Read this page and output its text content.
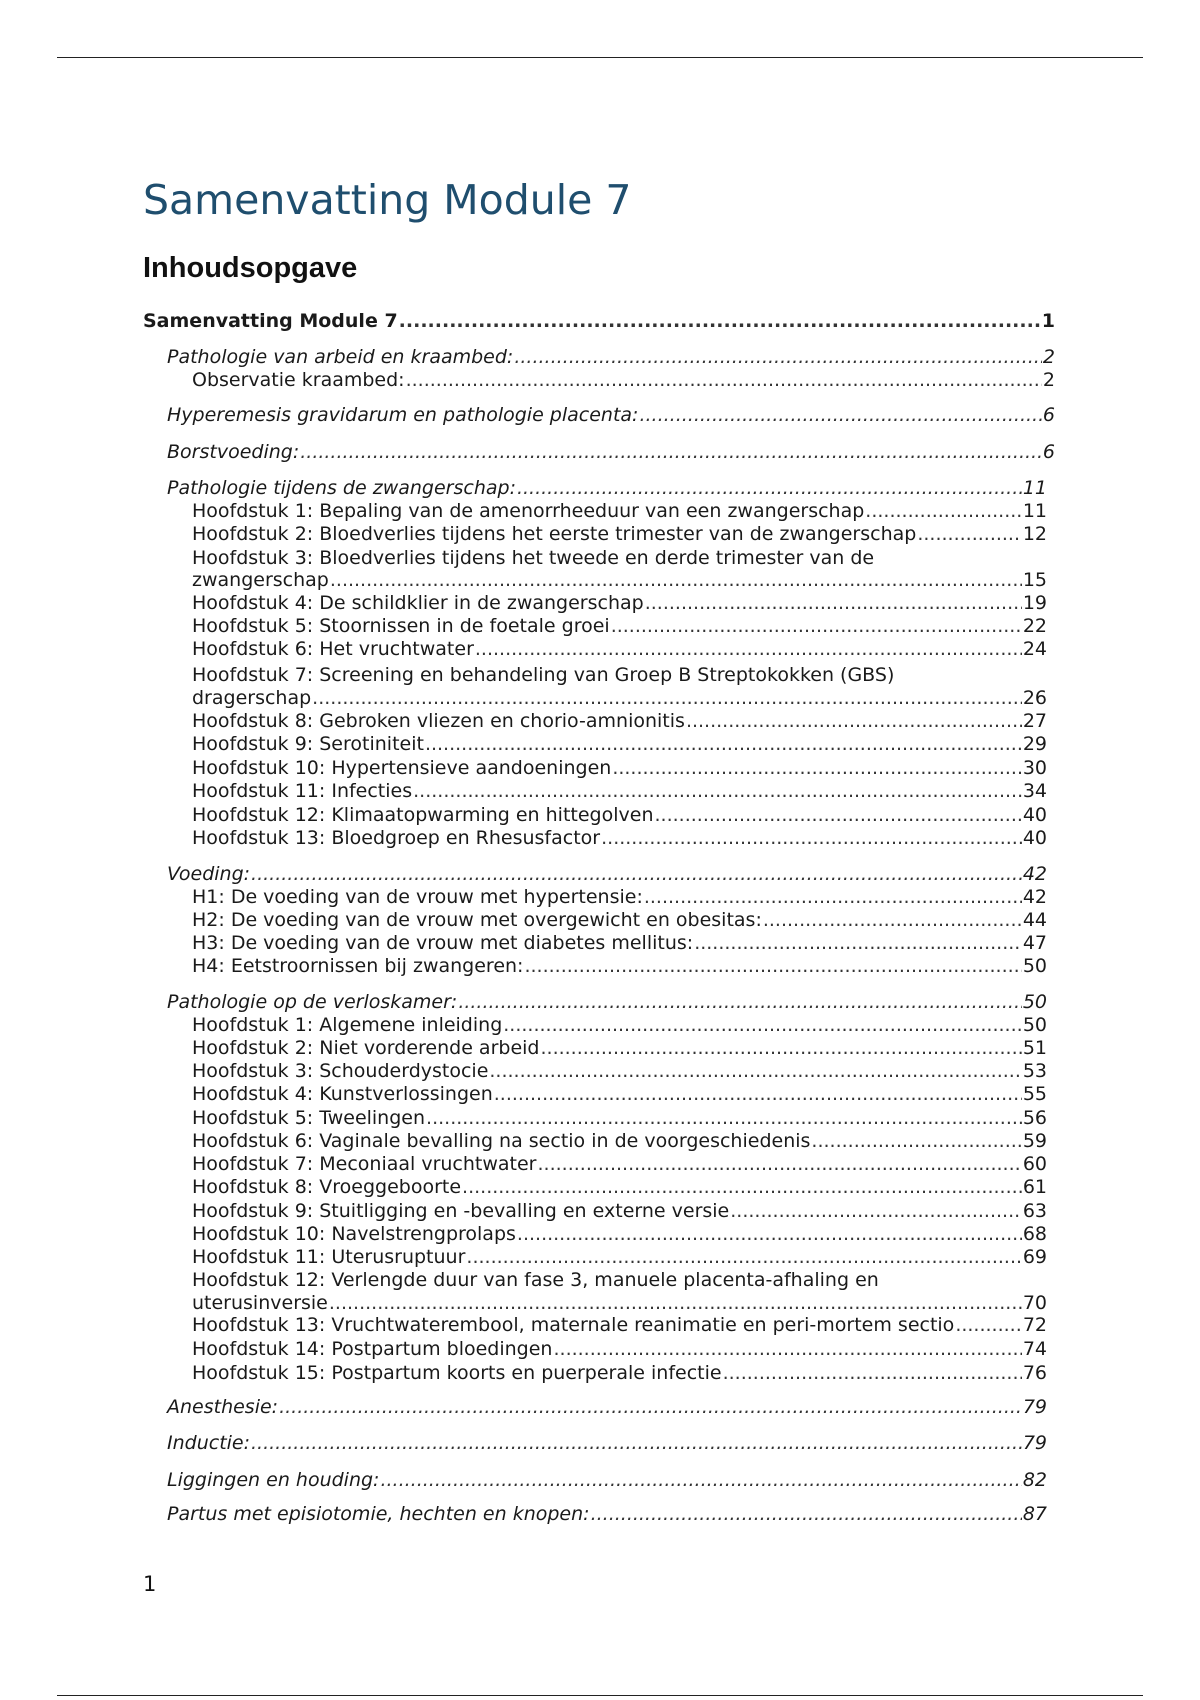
Samenvatting Module 7
Inhoudsopgave
Samenvatting Module 7 .....	1
Pathologie van arbeid en kraambed: .....	2
Observatie kraambed: .....	2
Hyperemesis gravidarum en pathologie placenta: .....	6
Borstvoeding: .....	6
Pathologie tijdens de zwangerschap: .....	11
Hoofdstuk 1: Bepaling van de amenorrheeduur van een zwangerschap .....	11
Hoofdstuk 2: Bloedverlies tijdens het eerste trimester van de zwangerschap .....	12
Hoofdstuk 3: Bloedverlies tijdens het tweede en derde trimester van de
zwangerschap .....	15
Hoofdstuk 4: De schildklier in de zwangerschap .....	19
Hoofdstuk 5: Stoornissen in de foetale groei .....	22
Hoofdstuk 6: Het vruchtwater .....	24
Hoofdstuk 7: Screening en behandeling van Groep B Streptokokken (GBS)
dragerschap .....	26
Hoofdstuk 8: Gebroken vliezen en chorio-amnionitis .....	27
Hoofdstuk 9: Serotiniteit .....	29
Hoofdstuk 10: Hypertensieve aandoeningen .....	30
Hoofdstuk 11: Infecties .....	34
Hoofdstuk 12: Klimaatopwarming en hittegolven .....	40
Hoofdstuk 13: Bloedgroep en Rhesusfactor .....	40
Voeding: .....	42
H1: De voeding van de vrouw met hypertensie: .....	42
H2: De voeding van de vrouw met overgewicht en obesitas: .....	44
H3: De voeding van de vrouw met diabetes mellitus: .....	47
H4: Eetstroornissen bij zwangeren: .....	50
Pathologie op de verloskamer: .....	50
Hoofdstuk 1: Algemene inleiding .....	50
Hoofdstuk 2: Niet vorderende arbeid .....	51
Hoofdstuk 3: Schouderdystocie .....	53
Hoofdstuk 4: Kunstverlossingen .....	55
Hoofdstuk 5: Tweelingen .....	56
Hoofdstuk 6: Vaginale bevalling na sectio in de voorgeschiedenis .....	59
Hoofdstuk 7: Meconiaal vruchtwater .....	60
Hoofdstuk 8: Vroeggeboorte .....	61
Hoofdstuk 9: Stuitligging en -bevalling en externe versie .....	63
Hoofdstuk 10: Navelstrengprolaps .....	68
Hoofdstuk 11: Uterusruptuur .....	69
Hoofdstuk 12: Verlengde duur van fase 3, manuele placenta-afhaling en
uterusinversie .....	70
Hoofdstuk 13: Vruchtwaterembool, maternale reanimatie en peri-mortem sectio .....	72
Hoofdstuk 14: Postpartum bloedingen .....	74
Hoofdstuk 15: Postpartum koorts en puerperale infectie .....	76
Anesthesie: .....	79
Inductie: .....	79
Liggingen en houding: .....	82
Partus met episiotomie, hechten en knopen: .....	87
1
